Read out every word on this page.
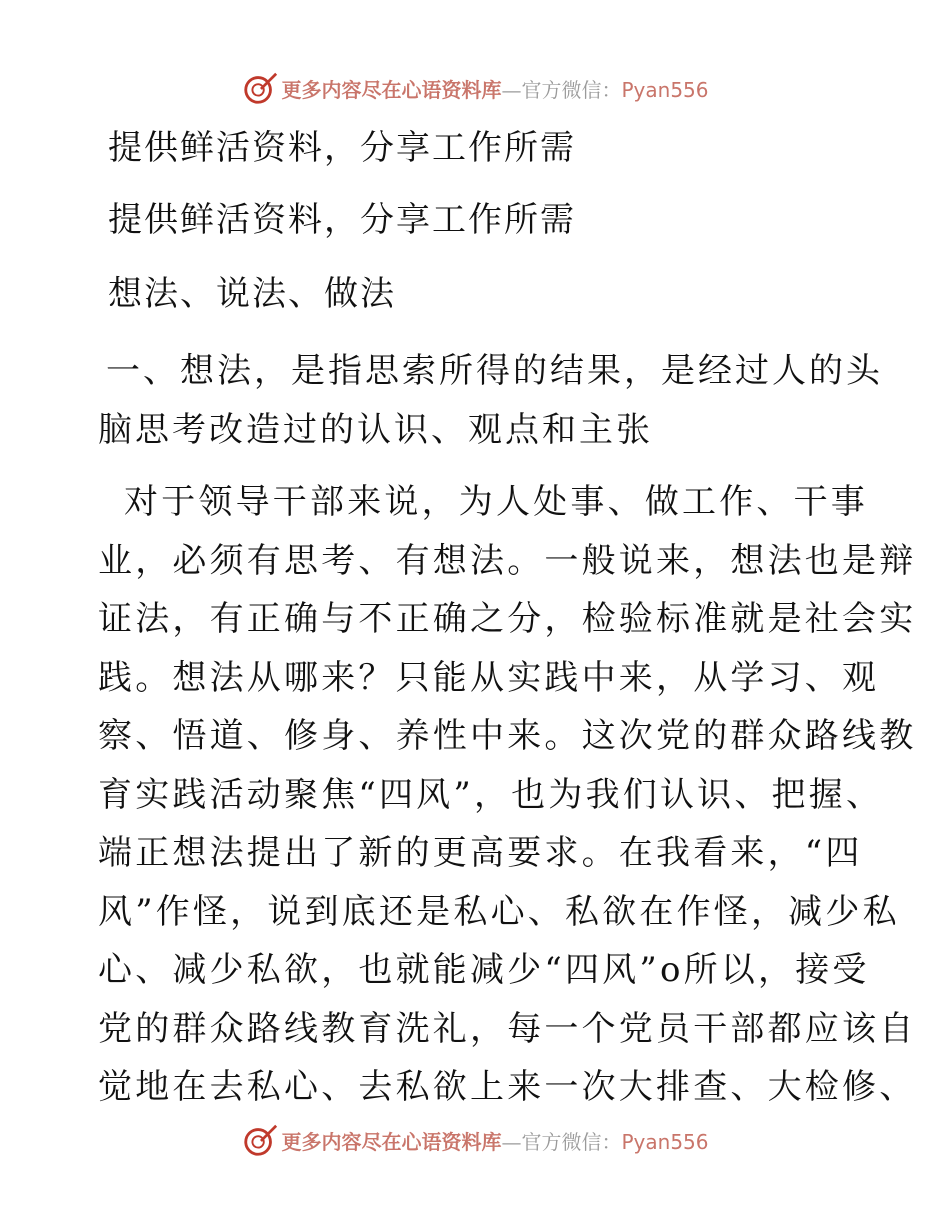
更多内容尽在心语资料库—官方微信：Pyan556
提供鲜活资料，分享工作所需
提供鲜活资料，分享工作所需
想法、说法、做法
一、想法，是指思索所得的结果，是经过人的头
脑思考改造过的认识、观点和主张
对于领导干部来说，为人处事、做工作、干事
业，必须有思考、有想法。一般说来，想法也是辩
证法，有正确与不正确之分，检验标准就是社会实
践。想法从哪来？只能从实践中来，从学习、观
察、悟道、修身、养性中来。这次党的群众路线教
育实践活动聚焦“四风”，也为我们认识、把握、
端正想法提出了新的更高要求。在我看来，“四
风”作怪，说到底还是私心、私欲在作怪，减少私
心、减少私欲，也就能减少“四风”o所以，接受
党的群众路线教育洗礼，每一个党员干部都应该自
觉地在去私心、去私欲上来一次大排查、大检修、
更多内容尽在心语资料库—官方微信：Pyan556
